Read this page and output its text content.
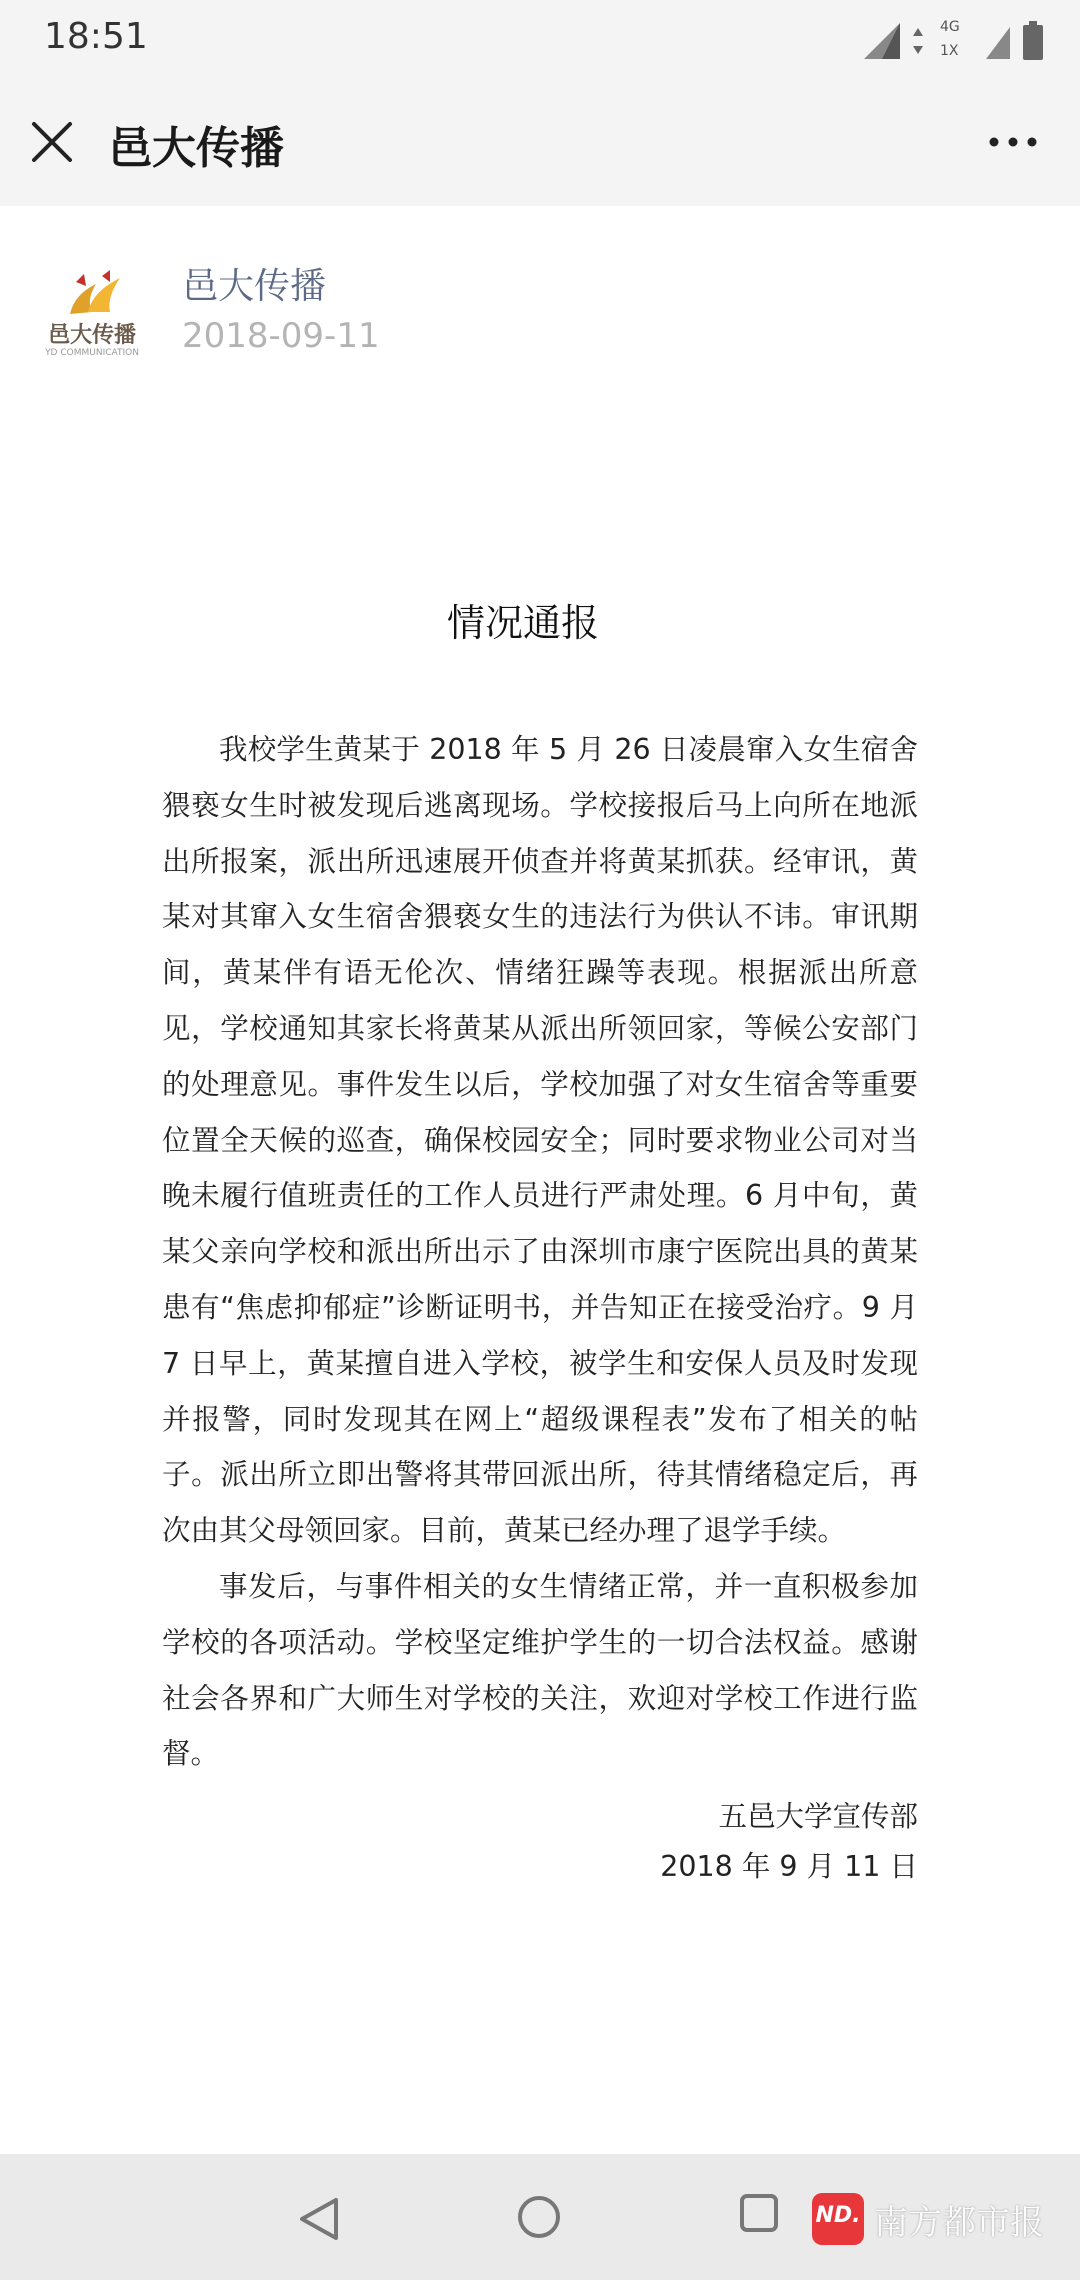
18:51	4G
1X
邑大传播
邑大传播
YD COMMUNICATION
邑大传播
2018-09-11
情况通报

我校学生黄某于 2018 年 5 月 26 日凌晨窜入女生宿舍猥亵女生时被发现后逃离现场。学校接报后马上向所在地派出所报案，派出所迅速展开侦查并将黄某抓获。经审讯，黄某对其窜入女生宿舍猥亵女生的违法行为供认不讳。审讯期间，黄某伴有语无伦次、情绪狂躁等表现。根据派出所意见，学校通知其家长将黄某从派出所领回家，等候公安部门的处理意见。事件发生以后，学校加强了对女生宿舍等重要位置全天候的巡查，确保校园安全；同时要求物业公司对当晚未履行值班责任的工作人员进行严肃处理。6 月中旬，黄某父亲向学校和派出所出示了由深圳市康宁医院出具的黄某患有“焦虑抑郁症”诊断证明书，并告知正在接受治疗。9 月 7 日早上，黄某擅自进入学校，被学生和安保人员及时发现并报警，同时发现其在网上“超级课程表”发布了相关的帖子。派出所立即出警将其带回派出所，待其情绪稳定后，再次由其父母领回家。目前，黄某已经办理了退学手续。

事发后，与事件相关的女生情绪正常，并一直积极参加学校的各项活动。学校坚定维护学生的一切合法权益。感谢社会各界和广大师生对学校的关注，欢迎对学校工作进行监督。

五邑大学宣传部
2018 年 9 月 11 日
ND. 南方都市报
